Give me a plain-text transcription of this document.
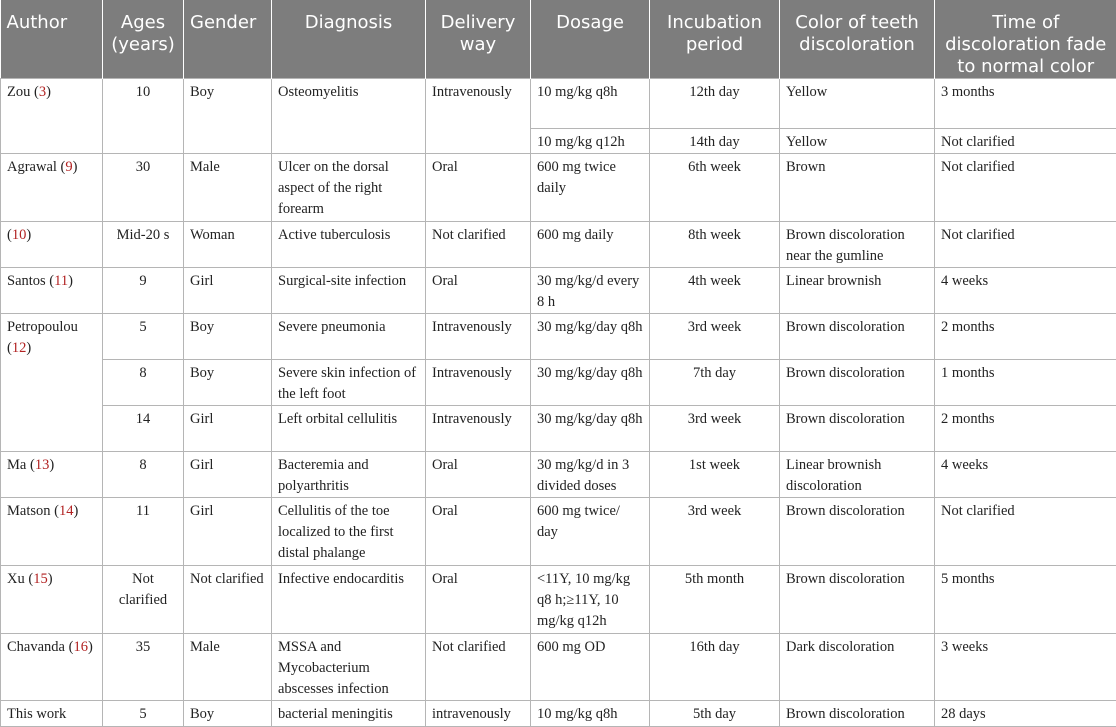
Author	Ages (years)	Gender	Diagnosis	Delivery way	Dosage	Incubation period	Color of teeth discoloration	Time of discoloration fade to normal color
Zou (3)	10	Boy	Osteomyelitis	Intravenously	10 mg/kg q8h	12th day	Yellow	3 months
					10 mg/kg q12h	14th day	Yellow	Not clarified
Agrawal (9)	30	Male	Ulcer on the dorsal aspect of the right forearm	Oral	600 mg twice daily	6th week	Brown	Not clarified
(10)	Mid-20 s	Woman	Active tuberculosis	Not clarified	600 mg daily	8th week	Brown discoloration near the gumline	Not clarified
Santos (11)	9	Girl	Surgical-site infection	Oral	30 mg/kg/d every 8 h	4th week	Linear brownish	4 weeks
Petropoulou (12)	5	Boy	Severe pneumonia	Intravenously	30 mg/kg/day q8h	3rd week	Brown discoloration	2 months
	8	Boy	Severe skin infection of the left foot	Intravenously	30 mg/kg/day q8h	7th day	Brown discoloration	1 months
	14	Girl	Left orbital cellulitis	Intravenously	30 mg/kg/day q8h	3rd week	Brown discoloration	2 months
Ma (13)	8	Girl	Bacteremia and polyarthritis	Oral	30 mg/kg/d in 3 divided doses	1st week	Linear brownish discoloration	4 weeks
Matson (14)	11	Girl	Cellulitis of the toe localized to the first distal phalange	Oral	600 mg twice/ day	3rd week	Brown discoloration	Not clarified
Xu (15)	Not clarified	Not clarified	Infective endocarditis	Oral	<11Y, 10 mg/kg q8 h;≥11Y, 10 mg/kg q12h	5th month	Brown discoloration	5 months
Chavanda (16)	35	Male	MSSA and Mycobacterium abscesses infection	Not clarified	600 mg OD	16th day	Dark discoloration	3 weeks
This work	5	Boy	bacterial meningitis	intravenously	10 mg/kg q8h	5th day	Brown discoloration	28 days
